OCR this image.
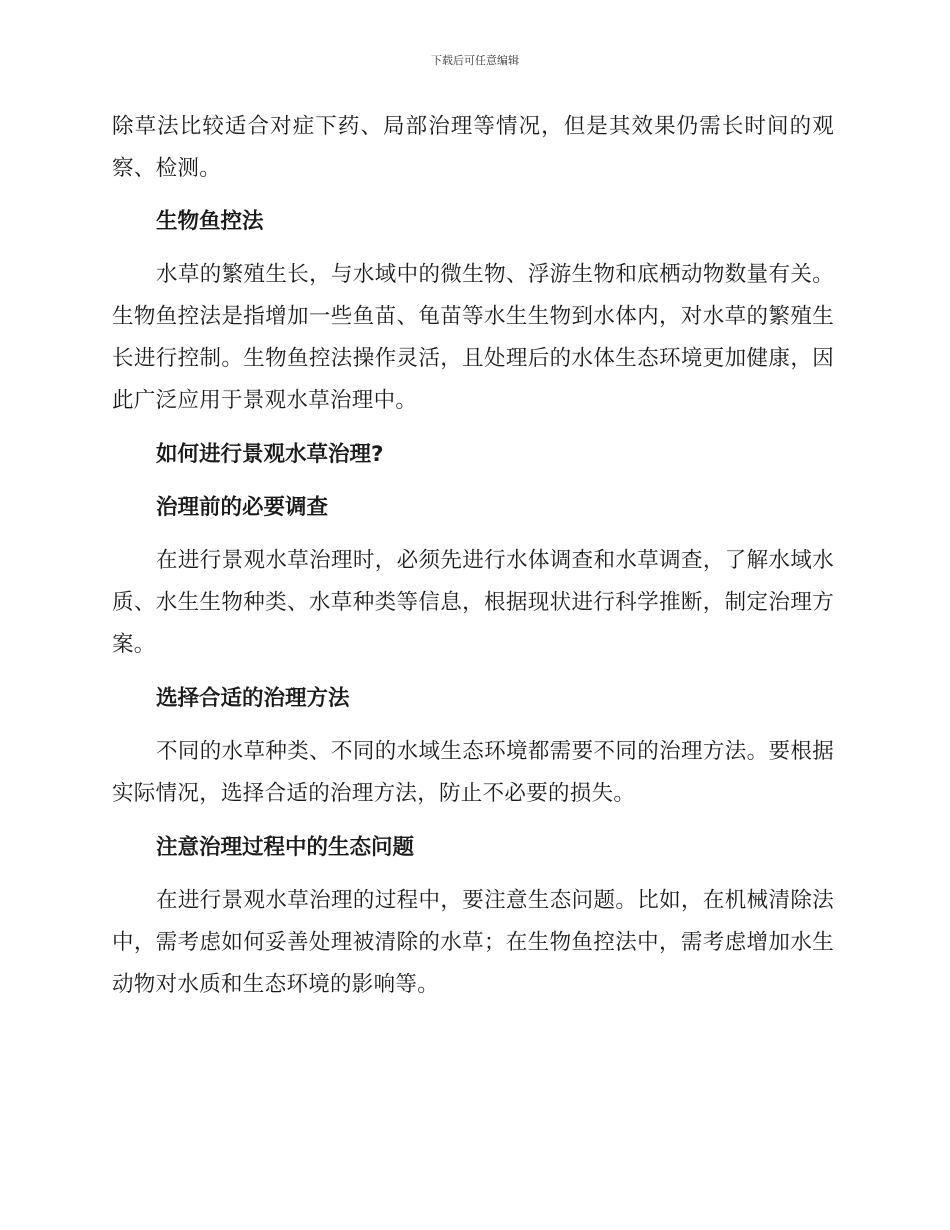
下载后可任意编辑

除草法比较适合对症下药、局部治理等情况，但是其效果仍需长时间的观察、检测。

生物鱼控法

水草的繁殖生长，与水域中的微生物、浮游生物和底栖动物数量有关。生物鱼控法是指增加一些鱼苗、龟苗等水生生物到水体内，对水草的繁殖生长进行控制。生物鱼控法操作灵活，且处理后的水体生态环境更加健康，因此广泛应用于景观水草治理中。

如何进行景观水草治理?

治理前的必要调查

在进行景观水草治理时，必须先进行水体调查和水草调查，了解水域水质、水生生物种类、水草种类等信息，根据现状进行科学推断，制定治理方案。

选择合适的治理方法

不同的水草种类、不同的水域生态环境都需要不同的治理方法。要根据实际情况，选择合适的治理方法，防止不必要的损失。

注意治理过程中的生态问题

在进行景观水草治理的过程中，要注意生态问题。比如，在机械清除法中，需考虑如何妥善处理被清除的水草；在生物鱼控法中，需考虑增加水生动物对水质和生态环境的影响等。
